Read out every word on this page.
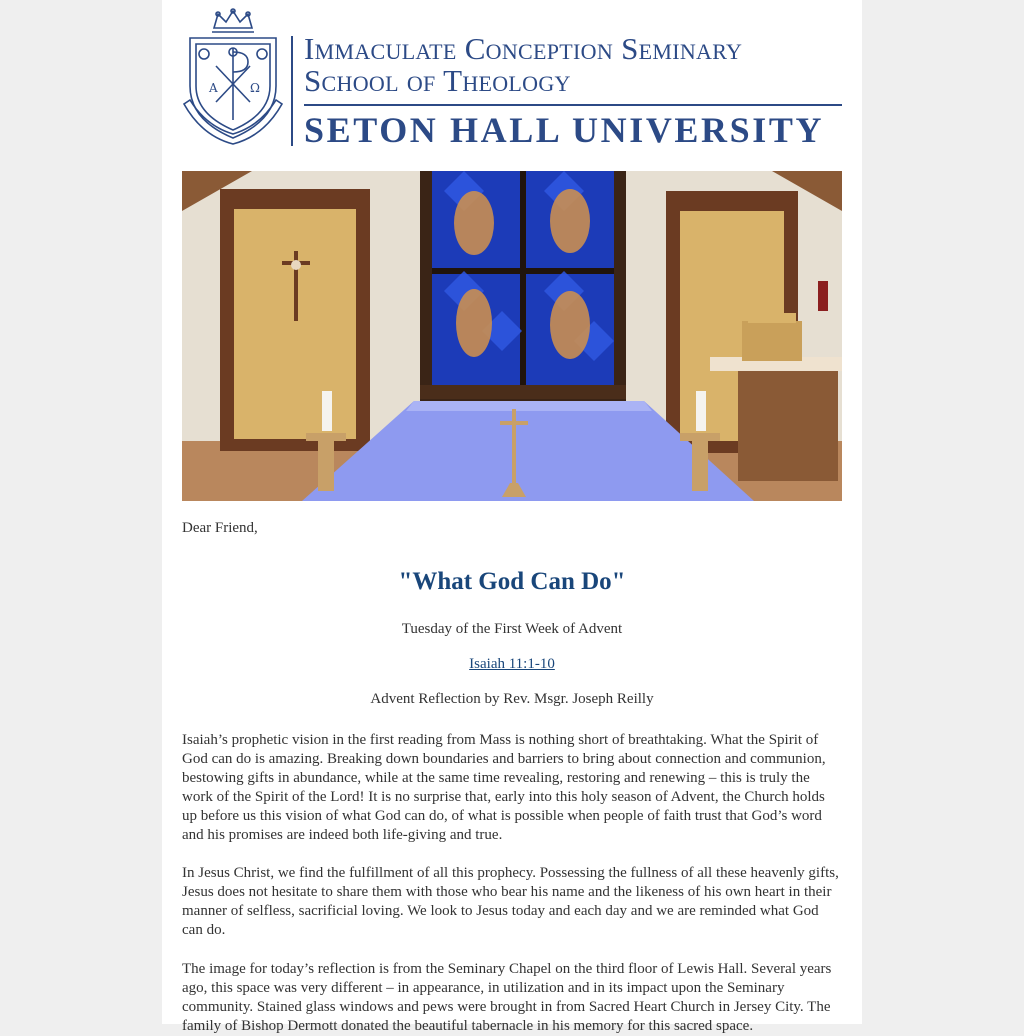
A	Ω
Immaculate Conception Seminary
School of Theology
SETON HALL UNIVERSITY
Dear Friend,
"What God Can Do"
Tuesday of the First Week of Advent
Isaiah 11:1-10
Advent Reflection by Rev. Msgr. Joseph Reilly

Isaiah’s prophetic vision in the first reading from Mass is nothing short of breathtaking. What the Spirit of God can do is amazing. Breaking down boundaries and barriers to bring about connection and communion, bestowing gifts in abundance, while at the same time revealing, restoring and renewing – this is truly the work of the Spirit of the Lord! It is no surprise that, early into this holy season of Advent, the Church holds up before us this vision of what God can do, of what is possible when people of faith trust that God’s word and his promises are indeed both life-giving and true.

In Jesus Christ, we find the fulfillment of all this prophecy. Possessing the fullness of all these heavenly gifts, Jesus does not hesitate to share them with those who bear his name and the likeness of his own heart in their manner of selfless, sacrificial loving. We look to Jesus today and each day and we are reminded what God can do.

The image for today’s reflection is from the Seminary Chapel on the third floor of Lewis Hall. Several years ago, this space was very different – in appearance, in utilization and in its impact upon the Seminary community. Stained glass windows and pews were brought in from Sacred Heart Church in Jersey City. The family of Bishop Dermott donated the beautiful tabernacle in his memory for this sacred space.
